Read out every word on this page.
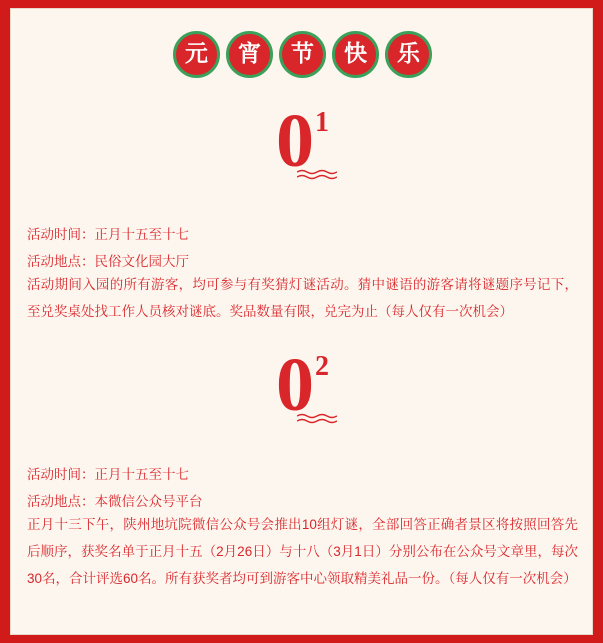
元	宵	节	快	乐
01
活动时间：正月十五至十七
活动地点：民俗文化园大厅

活动期间入园的所有游客，均可参与有奖猜灯谜活动。猜中谜语的游客请将谜题序号记下，至兑奖桌处找工作人员核对谜底。奖品数量有限，兑完为止（每人仅有一次机会）

02
活动时间：正月十五至十七
活动地点：本微信公众号平台

正月十三下午，陕州地坑院微信公众号会推出10组灯谜，全部回答正确者景区将按照回答先后顺序，获奖名单于正月十五（2月26日）与十八（3月1日）分别公布在公众号文章里，每次30名，合计评选60名。所有获奖者均可到游客中心领取精美礼品一份。（每人仅有一次机会）
